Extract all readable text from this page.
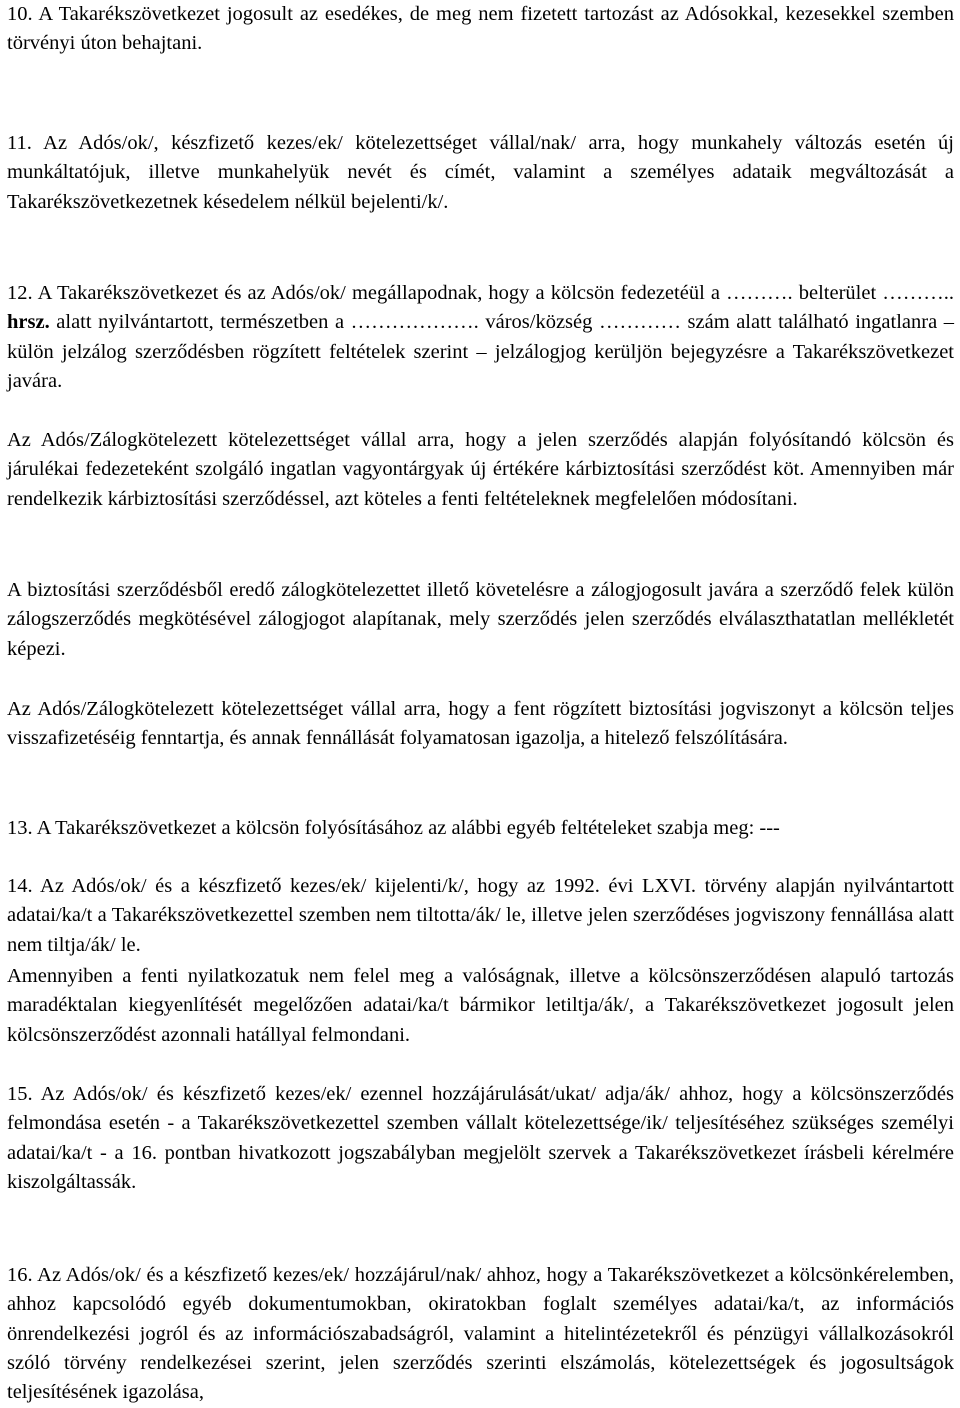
10. A Takarékszövetkezet jogosult az esedékes, de meg nem fizetett tartozást az Adósokkal, kezesekkel szemben törvényi úton behajtani.

11. Az Adós/ok/, készfizető kezes/ek/ kötelezettséget vállal/nak/ arra, hogy munkahely változás esetén új munkáltatójuk, illetve munkahelyük nevét és címét, valamint a személyes adataik megváltozását a Takarékszövetkezetnek késedelem nélkül bejelenti/k/.

12. A Takarékszövetkezet és az Adós/ok/ megállapodnak, hogy a kölcsön fedezetéül a ………. belterület ……….. hrsz. alatt nyilvántartott, természetben a ………………. város/község ………… szám alatt található ingatlanra – külön jelzálog szerződésben rögzített feltételek szerint – jelzálogjog kerüljön bejegyzésre a Takarékszövetkezet javára.

Az Adós/Zálogkötelezett kötelezettséget vállal arra, hogy a jelen szerződés alapján folyósítandó kölcsön és járulékai fedezeteként szolgáló ingatlan vagyontárgyak új értékére kárbiztosítási szerződést köt. Amennyiben már rendelkezik kárbiztosítási szerződéssel, azt köteles a fenti feltételeknek megfelelően módosítani.

A biztosítási szerződésből eredő zálogkötelezettet illető követelésre a zálogjogosult javára a szerződő felek külön zálogszerződés megkötésével zálogjogot alapítanak, mely szerződés jelen szerződés elválaszthatatlan mellékletét képezi.

Az Adós/Zálogkötelezett kötelezettséget vállal arra, hogy a fent rögzített biztosítási jogviszonyt a kölcsön teljes visszafizetéséig fenntartja, és annak fennállását folyamatosan igazolja, a hitelező felszólítására.

13. A Takarékszövetkezet a kölcsön folyósításához az alábbi egyéb feltételeket szabja meg: ---

14. Az Adós/ok/ és a készfizető kezes/ek/ kijelenti/k/, hogy az 1992. évi LXVI. törvény alapján nyilvántartott adatai/ka/t a Takarékszövetkezettel szemben nem tiltotta/ák/ le, illetve jelen szerződéses jogviszony fennállása alatt nem tiltja/ák/ le.

Amennyiben a fenti nyilatkozatuk nem felel meg a valóságnak, illetve a kölcsönszerződésen alapuló tartozás maradéktalan kiegyenlítését megelőzően adatai/ka/t bármikor letiltja/ák/, a Takarékszövetkezet jogosult jelen kölcsönszerződést azonnali hatállyal felmondani.

15. Az Adós/ok/ és készfizető kezes/ek/ ezennel hozzájárulását/ukat/ adja/ák/ ahhoz, hogy a kölcsönszerződés felmondása esetén - a Takarékszövetkezettel szemben vállalt kötelezettsége/ik/ teljesítéséhez szükséges személyi adatai/ka/t - a 16. pontban hivatkozott jogszabályban megjelölt szervek a Takarékszövetkezet írásbeli kérelmére kiszolgáltassák.

16. Az Adós/ok/ és a készfizető kezes/ek/ hozzájárul/nak/ ahhoz, hogy a Takarékszövetkezet a kölcsönkérelemben, ahhoz kapcsolódó egyéb dokumentumokban, okiratokban foglalt személyes adatai/ka/t, az információs önrendelkezési jogról és az információszabadságról, valamint a hitelintézetekről és pénzügyi vállalkozásokról szóló törvény rendelkezései szerint, jelen szerződés szerinti elszámolás, kötelezettségek és jogosultságok teljesítésének igazolása,
